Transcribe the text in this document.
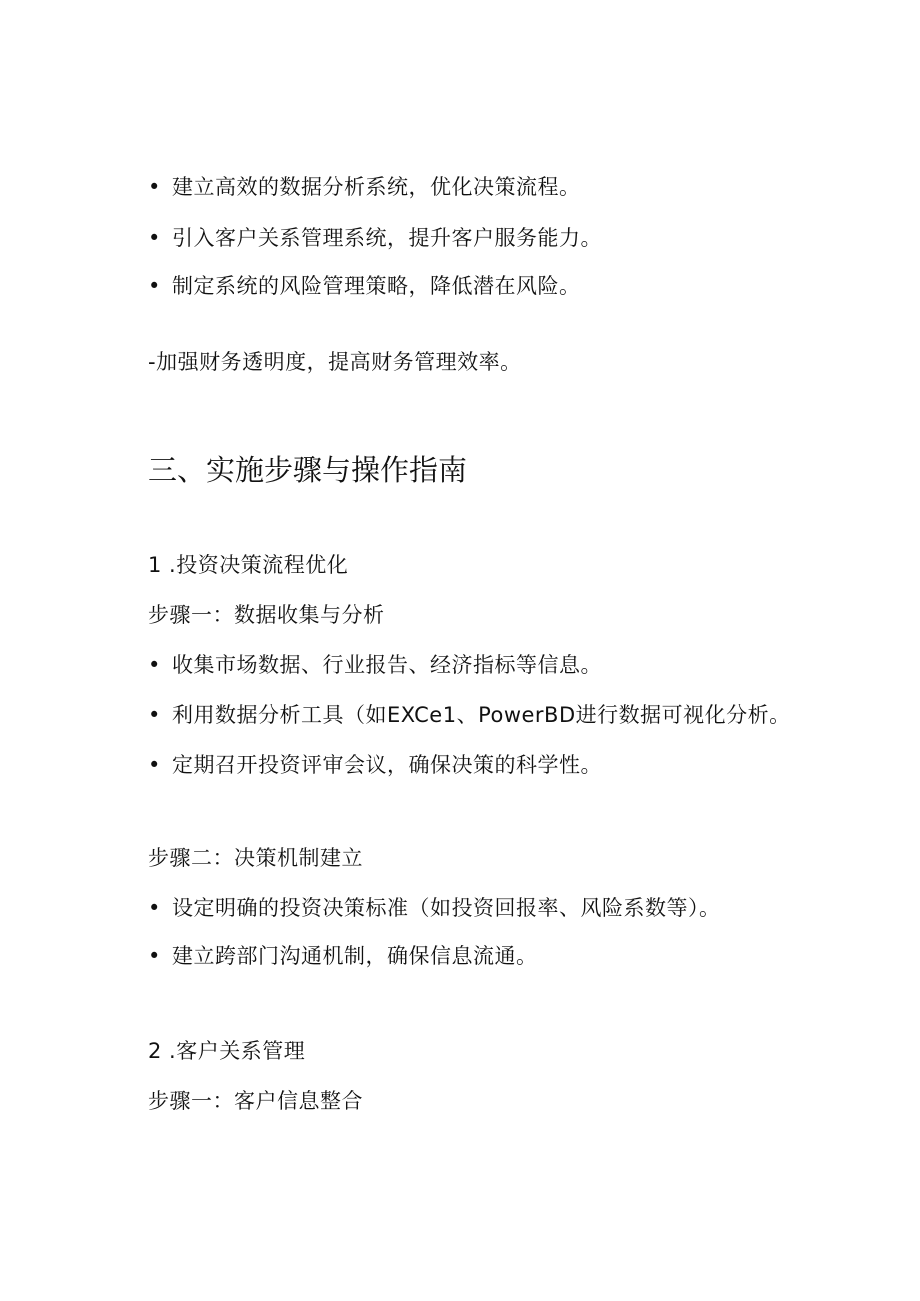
• 建立高效的数据分析系统，优化决策流程。
• 引入客户关系管理系统，提升客户服务能力。
• 制定系统的风险管理策略，降低潜在风险。
-加强财务透明度，提高财务管理效率。
三、实施步骤与操作指南
1 .投资决策流程优化
步骤一：数据收集与分析
• 收集市场数据、行业报告、经济指标等信息。
• 利用数据分析工具（如EXCe1、PowerBD进行数据可视化分析。
• 定期召开投资评审会议，确保决策的科学性。
步骤二：决策机制建立
• 设定明确的投资决策标准（如投资回报率、风险系数等）。
• 建立跨部门沟通机制，确保信息流通。
2 .客户关系管理
步骤一：客户信息整合
